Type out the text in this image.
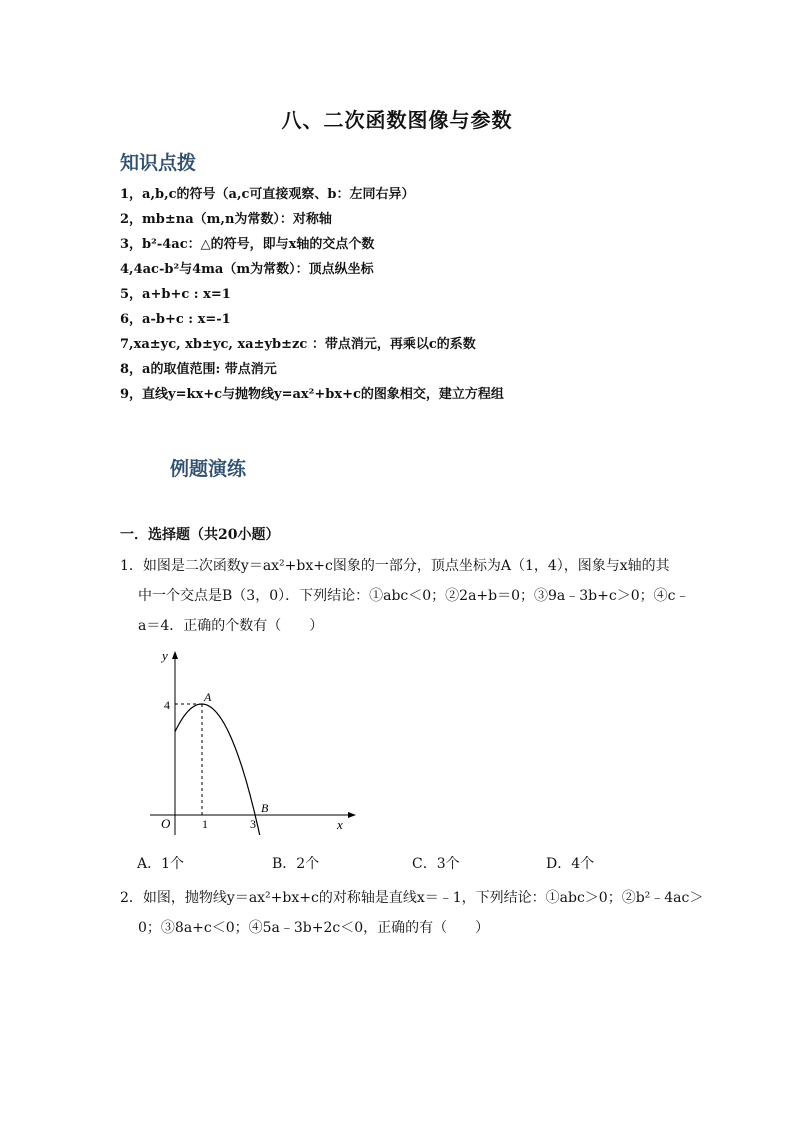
八、二次函数图像与参数
知识点拨
1，a,b,c的符号（a,c可直接观察、b：左同右异）
2，mb±na（m,n为常数）：对称轴
3，b²-4ac：△的符号，即与x轴的交点个数
4,4ac-b²与4ma（m为常数）：顶点纵坐标
5，a+b+c : x=1
6，a-b+c : x=-1
7,xa±yc, xb±yc, xa±yb±zc ：带点消元，再乘以c的系数
8，a的取值范围: 带点消元
9，直线y=kx+c与抛物线y=ax²+bx+c的图象相交，建立方程组
例题演练
一．选择题（共20小题）
1．如图是二次函数y＝ax²+bx+c图象的一部分，顶点坐标为A（1，4），图象与x轴的其
中一个交点是B（3，0）．下列结论：①abc＜0；②2a+b＝0；③9a﹣3b+c＞0；④c﹣
a＝4．正确的个数有（　　）
y
x
O
4
1	3
A
B
A．1个	B．2个	C．3个	D．4个
2．如图，抛物线y＝ax²+bx+c的对称轴是直线x＝﹣1，下列结论：①abc＞0；②b²﹣4ac＞
0；③8a+c＜0；④5a﹣3b+2c＜0，正确的有（　　）
